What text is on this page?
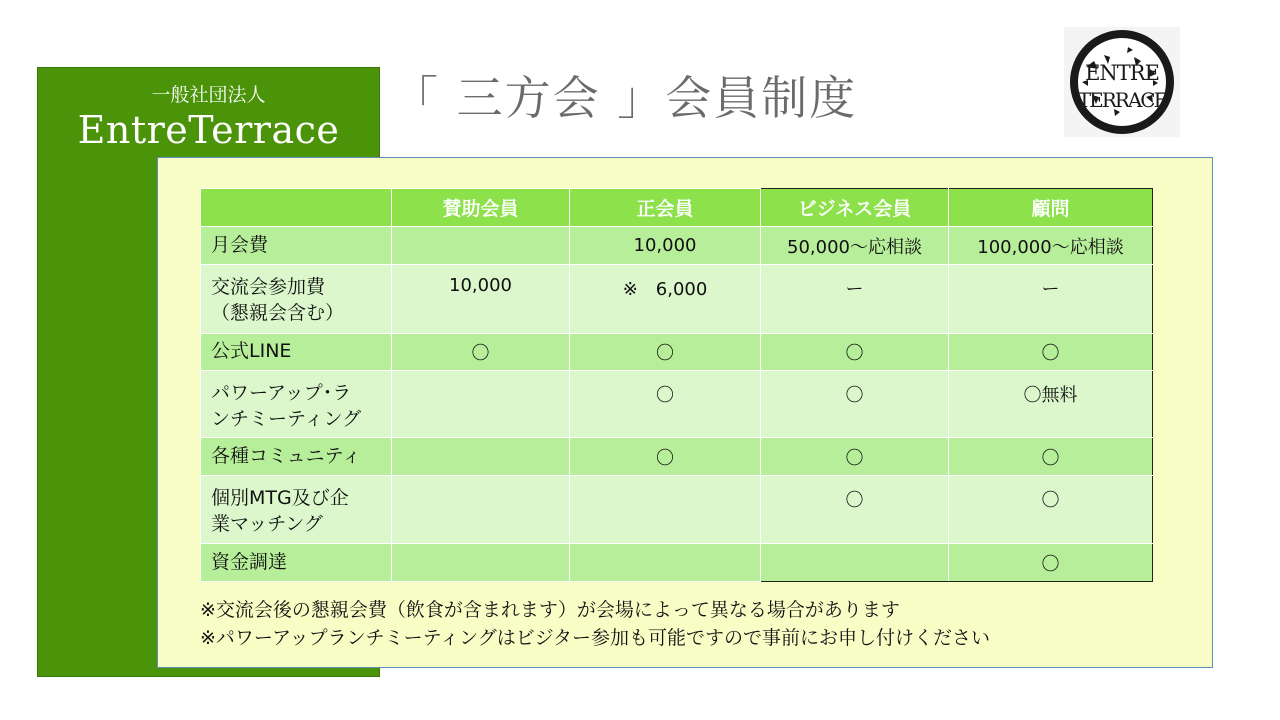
一般社団法人
EntreTerrace
「 三方会 」会員制度	ENTRE
TERRACE
	賛助会員	正会員	ビジネス会員	顧問
月会費		10,000	50,000～応相談	100,000～応相談
交流会参加費
（懇親会含む）	10,000	※　6,000	ー	ー
公式LINE	〇	〇	〇	〇
パワーアップ･ラ
ンチミーティング		〇	〇	〇無料
各種コミュニティ		〇	〇	〇
個別MTG及び企
業マッチング			〇	〇
資金調達				〇
※交流会後の懇親会費（飲食が含まれます）が会場によって異なる場合があります
※パワーアップランチミーティングはビジター参加も可能ですので事前にお申し付けください
